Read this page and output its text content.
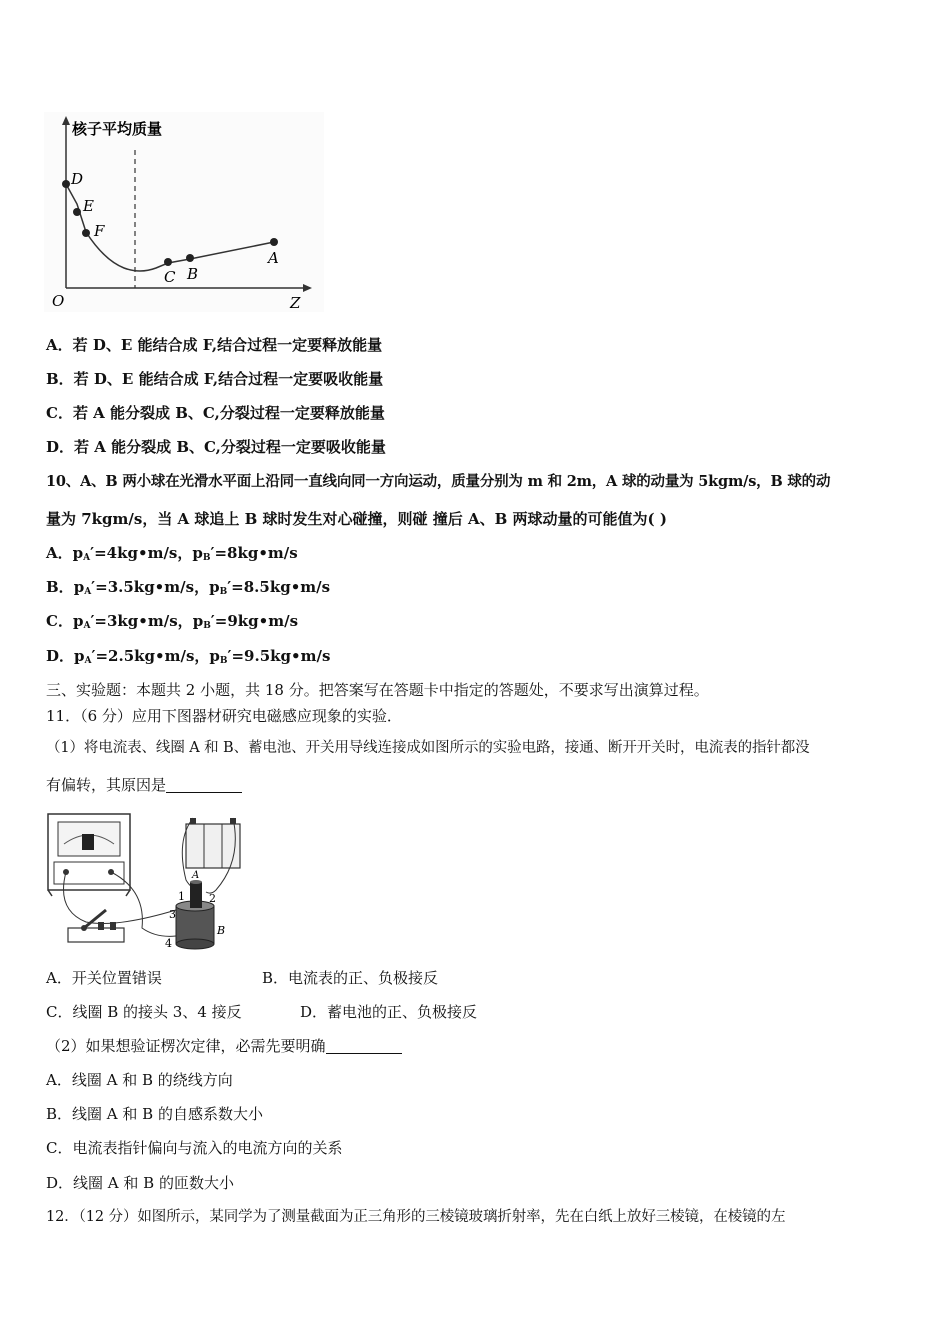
核子平均质量
O	Z
D
E
F
C B
A
A．若 D、E 能结合成 F,结合过程一定要释放能量
B．若 D、E 能结合成 F,结合过程一定要吸收能量
C．若 A 能分裂成 B、C,分裂过程一定要释放能量
D．若 A 能分裂成 B、C,分裂过程一定要吸收能量
10、A、B 两小球在光滑水平面上沿同一直线向同一方向运动，质量分别为 m 和 2m，A 球的动量为 5kgm/s，B 球的动
量为 7kgm/s，当 A 球追上 B 球时发生对心碰撞，则碰 撞后 A、B 两球动量的可能值为( )
A．$p_A'=4kg•m/s$，$p_B'=8kg•m/s$
B．$p_A'=3.5kg•m/s$，$p_B'=8.5kg•m/s$
C．$p_A'=3kg•m/s$，$p_B'=9kg•m/s$
D．$p_A'=2.5kg•m/s$，$p_B'=9.5kg•m/s$
三、实验题：本题共 2 小题，共 18 分。把答案写在答题卡中指定的答题处，不要求写出演算过程。
11．（6 分）应用下图器材研究电磁感应现象的实验．
（1）将电流表、线圈 A 和 B、蓄电池、开关用导线连接成如图所示的实验电路，接通、断开开关时，电流表的指针都没
有偏转，其原因是
1 2
3
4
A
B
A．开关位置错误	B．电流表的正、负极接反
C．线圈 B 的接头 3、4 接反	D．蓄电池的正、负极接反
（2）如果想验证楞次定律，必需先要明确
A．线圈 A 和 B 的绕线方向
B．线圈 A 和 B 的自感系数大小
C．电流表指针偏向与流入的电流方向的关系
D．线圈 A 和 B 的匝数大小
12．（12 分）如图所示，某同学为了测量截面为正三角形的三棱镜玻璃折射率，先在白纸上放好三棱镜，在棱镜的左
